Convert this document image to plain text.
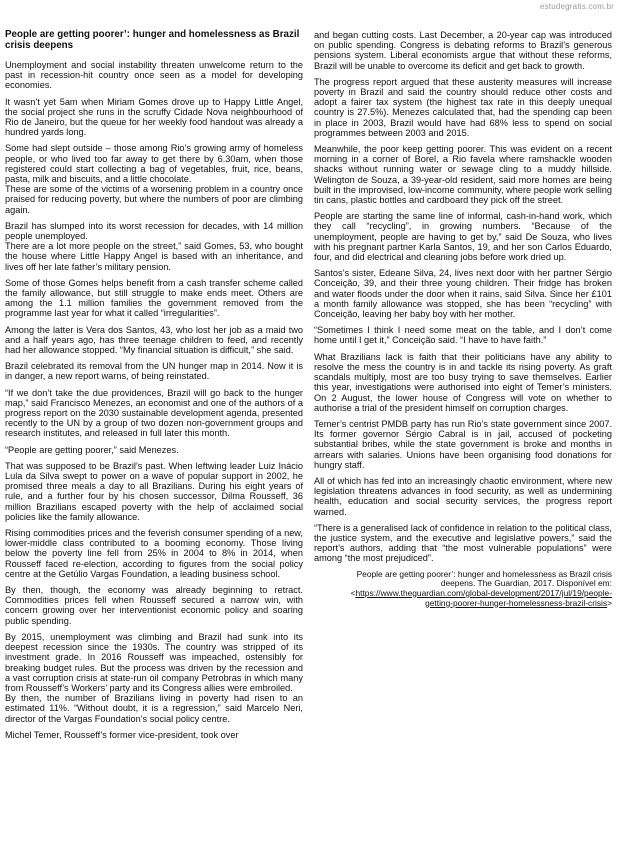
estudegratis.com.br
People are getting poorer’: hunger and homelessness as Brazil crisis deepens

Unemployment and social instability threaten unwelcome return to the past in recession-hit country once seen as a model for developing economies.

It wasn’t yet 5am when Miriam Gomes drove up to Happy Little Angel, the social project she runs in the scruffy Cidade Nova neighbourhood of Rio de Janeiro, but the queue for her weekly food handout was already a hundred yards long.

Some had slept outside – those among Rio’s growing army of homeless people, or who lived too far away to get there by 6.30am, when those registered could start collecting a bag of vegetables, fruit, rice, beans, pasta, milk and biscuits, and a little chocolate.

These are some of the victims of a worsening problem in a country once praised for reducing poverty, but where the numbers of poor are climbing again.

Brazil has slumped into its worst recession for decades, with 14 million people unemployed.

There are a lot more people on the street,” said Gomes, 53, who bought the house where Little Happy Angel is based with an inheritance, and lives off her late father’s military pension.

Some of those Gomes helps benefit from a cash transfer scheme called the family allowance, but still struggle to make ends meet. Others are among the 1.1 million families the government removed from the programme last year for what it called “irregularities”.

Among the latter is Vera dos Santos, 43, who lost her job as a maid two and a half years ago, has three teenage children to feed, and recently had her allowance stopped. “My financial situation is difficult,” she said.

Brazil celebrated its removal from the UN hunger map in 2014. Now it is in danger, a new report warns, of being reinstated.

“If we don’t take the due providences, Brazil will go back to the hunger map,” said Francisco Menezes, an economist and one of the authors of a progress report on the 2030 sustainable development agenda, presented recently to the UN by a group of two dozen non-government groups and research institutes, and released in full later this month.

“People are getting poorer,” said Menezes.

That was supposed to be Brazil’s past. When leftwing leader Luiz Inácio Lula da Silva swept to power on a wave of popular support in 2002, he promised three meals a day to all Brazilians. During his eight years of rule, and a further four by his chosen successor, Dilma Rousseff, 36 million Brazilians escaped poverty with the help of acclaimed social policies like the family allowance.

Rising commodities prices and the feverish consumer spending of a new, lower-middle class contributed to a booming economy. Those living below the poverty line fell from 25% in 2004 to 8% in 2014, when Rousseff faced re-election, according to figures from the social policy centre at the Getúlio Vargas Foundation, a leading business school.

By then, though, the economy was already beginning to retract. Commodities prices fell when Rousseff secured a narrow win, with concern growing over her interventionist economic policy and soaring public spending.

By 2015, unemployment was climbing and Brazil had sunk into its deepest recession since the 1930s. The country was stripped of its investment grade. In 2016 Rousseff was impeached, ostensibly for breaking budget rules. But the process was driven by the recession and a vast corruption crisis at state-run oil company Petrobras in which many from Rousseff’s Workers’ party and its Congress allies were embroiled.

By then, the number of Brazilians living in poverty had risen to an estimated 11%. “Without doubt, it is a regression,” said Marcelo Neri, director of the Vargas Foundation’s social policy centre.

Michel Temer, Rousseff’s former vice-president, took over

and began cutting costs. Last December, a 20-year cap was introduced on public spending. Congress is debating reforms to Brazil’s generous pensions system. Liberal economists argue that without these reforms, Brazil will be unable to overcome its deficit and get back to growth.

The progress report argued that these austerity measures will increase poverty in Brazil and said the country should reduce other costs and adopt a fairer tax system (the highest tax rate in this deeply unequal country is 27.5%). Menezes calculated that, had the spending cap been in place in 2003, Brazil would have had 68% less to spend on social programmes between 2003 and 2015.

Meanwhile, the poor keep getting poorer. This was evident on a recent morning in a corner of Borel, a Rio favela where ramshackle wooden shacks without running water or sewage cling to a muddy hillside. Welington de Souza, a 39-year-old resident, said more homes are being built in the improvised, low-income community, where people work selling tin cans, plastic bottles and cardboard they pick off the street.

People are starting the same line of informal, cash-in-hand work, which they call “recycling”, in growing numbers. “Because of the unemployment, people are having to get by,” said De Souza, who lives with his pregnant partner Karla Santos, 19, and her son Carlos Eduardo, four, and did electrical and cleaning jobs before work dried up.

Santos’s sister, Edeane Silva, 24, lives next door with her partner Sérgio Conceição, 39, and their three young children. Their fridge has broken and water floods under the door when it rains, said Silva. Since her £101 a month family allowance was stopped, she has been “recycling” with Conceição, leaving her baby boy with her mother.

“Sometimes I think I need some meat on the table, and I don’t come home until I get it,” Conceição said. “I have to have faith.”

What Brazilians lack is faith that their politicians have any ability to resolve the mess the country is in and tackle its rising poverty. As graft scandals multiply, most are too busy trying to save themselves. Earlier this year, investigations were authorised into eight of Temer’s ministers. On 2 August, the lower house of Congress will vote on whether to authorise a trial of the president himself on corruption charges.

Temer’s centrist PMDB party has run Rio’s state government since 2007. Its former governor Sérgio Cabral is in jail, accused of pocketing substantial bribes, while the state government is broke and months in arrears with salaries. Unions have been organising food donations for hungry staff.

All of which has fed into an increasingly chaotic environment, where new legislation threatens advances in food security, as well as undermining health, education and social security services, the progress report warned.

“There is a generalised lack of confidence in relation to the political class, the justice system, and the executive and legislative powers,” said the report’s authors, adding that “the most vulnerable populations” were among “the most prejudiced”.

People are getting poorer’: hunger and homelessness as Brazil crisis deepens. The Guardian, 2017. Disponível em: <https://www.theguardian.com/global-development/2017/jul/19/people-getting-poorer-hunger-homelessness-brazil-crisis>
